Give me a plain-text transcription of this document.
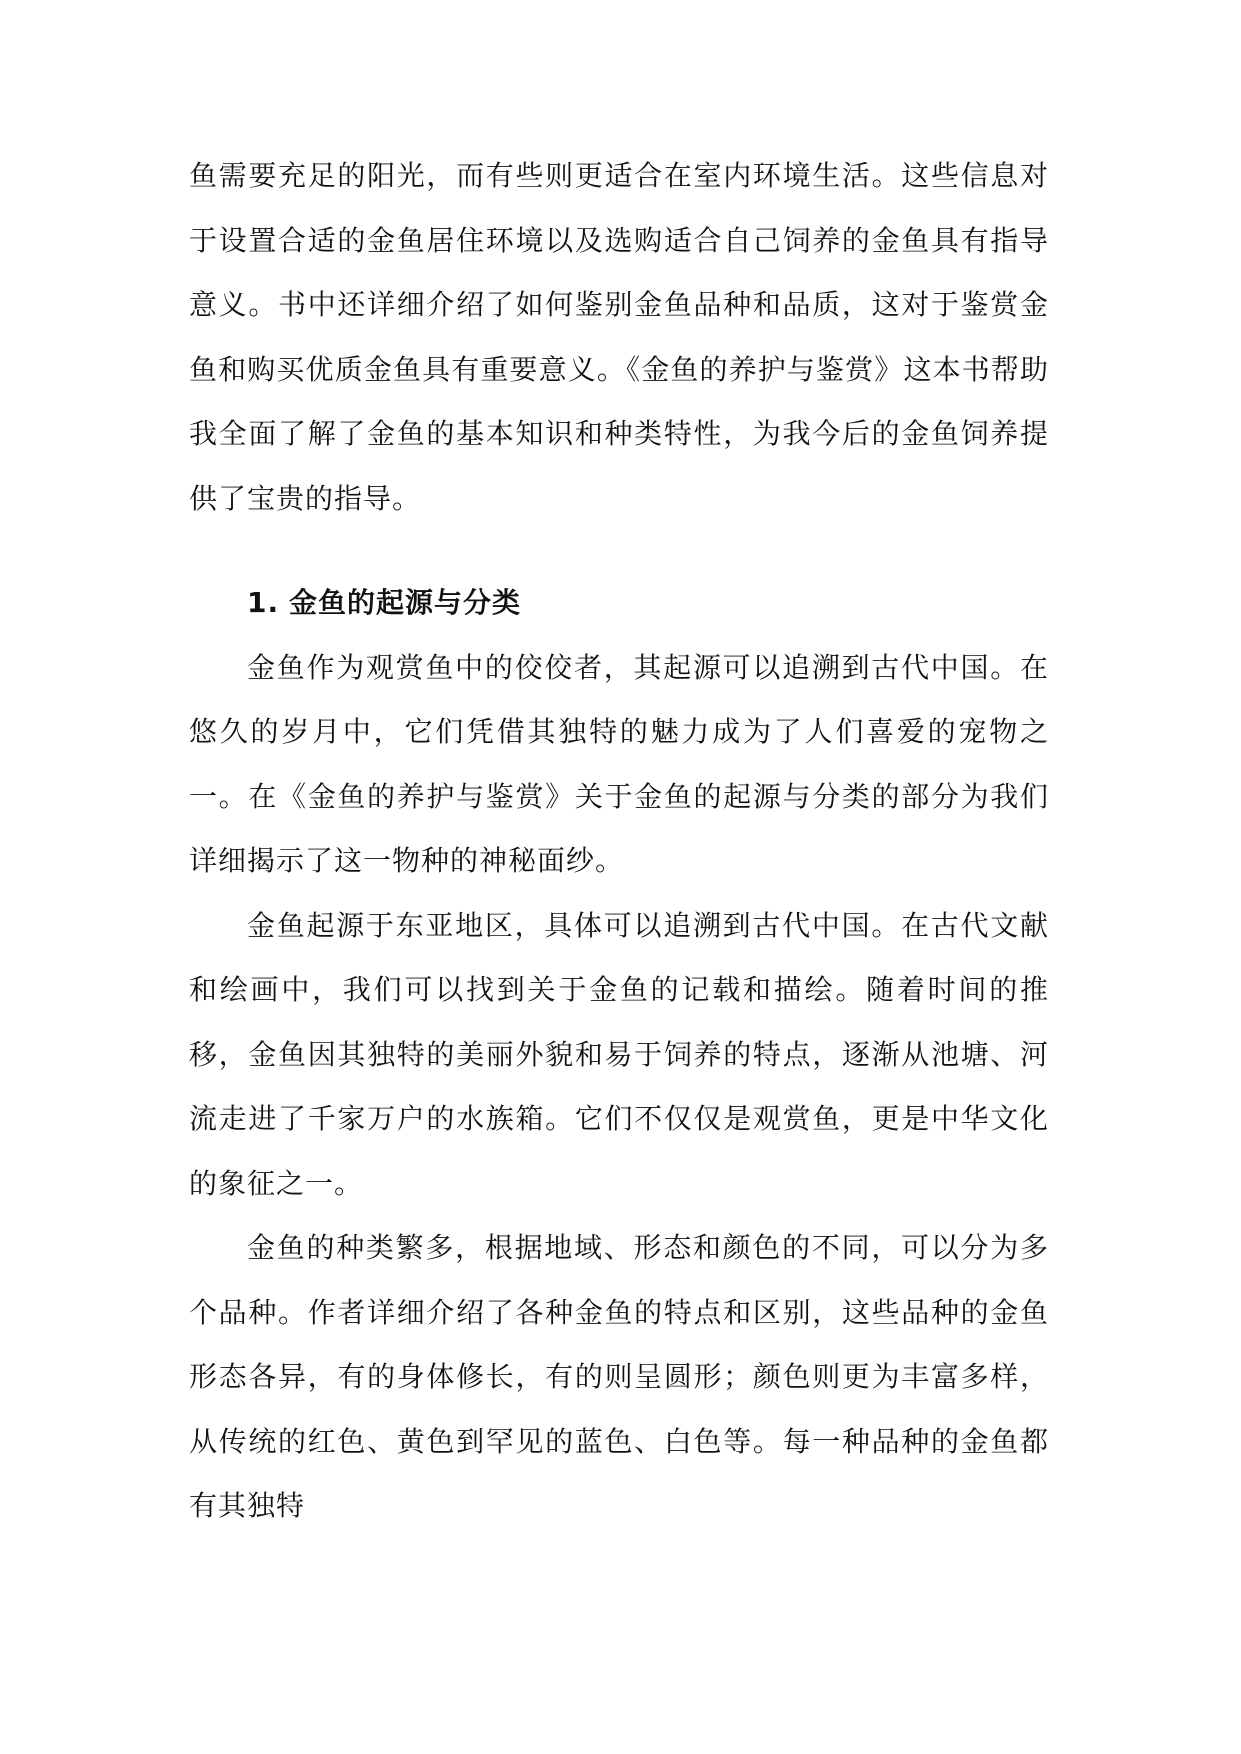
鱼需要充足的阳光，而有些则更适合在室内环境生活。这些信息对于设置合适的金鱼居住环境以及选购适合自己饲养的金鱼具有指导意义。书中还详细介绍了如何鉴别金鱼品种和品质，这对于鉴赏金鱼和购买优质金鱼具有重要意义。《金鱼的养护与鉴赏》这本书帮助我全面了解了金鱼的基本知识和种类特性，为我今后的金鱼饲养提供了宝贵的指导。

1. 金鱼的起源与分类

金鱼作为观赏鱼中的佼佼者，其起源可以追溯到古代中国。在悠久的岁月中，它们凭借其独特的魅力成为了人们喜爱的宠物之一。在《金鱼的养护与鉴赏》关于金鱼的起源与分类的部分为我们详细揭示了这一物种的神秘面纱。

金鱼起源于东亚地区，具体可以追溯到古代中国。在古代文献和绘画中，我们可以找到关于金鱼的记载和描绘。随着时间的推移，金鱼因其独特的美丽外貌和易于饲养的特点，逐渐从池塘、河流走进了千家万户的水族箱。它们不仅仅是观赏鱼，更是中华文化的象征之一。

金鱼的种类繁多，根据地域、形态和颜色的不同，可以分为多个品种。作者详细介绍了各种金鱼的特点和区别，这些品种的金鱼形态各异，有的身体修长，有的则呈圆形；颜色则更为丰富多样，从传统的红色、黄色到罕见的蓝色、白色等。每一种品种的金鱼都有其独特
